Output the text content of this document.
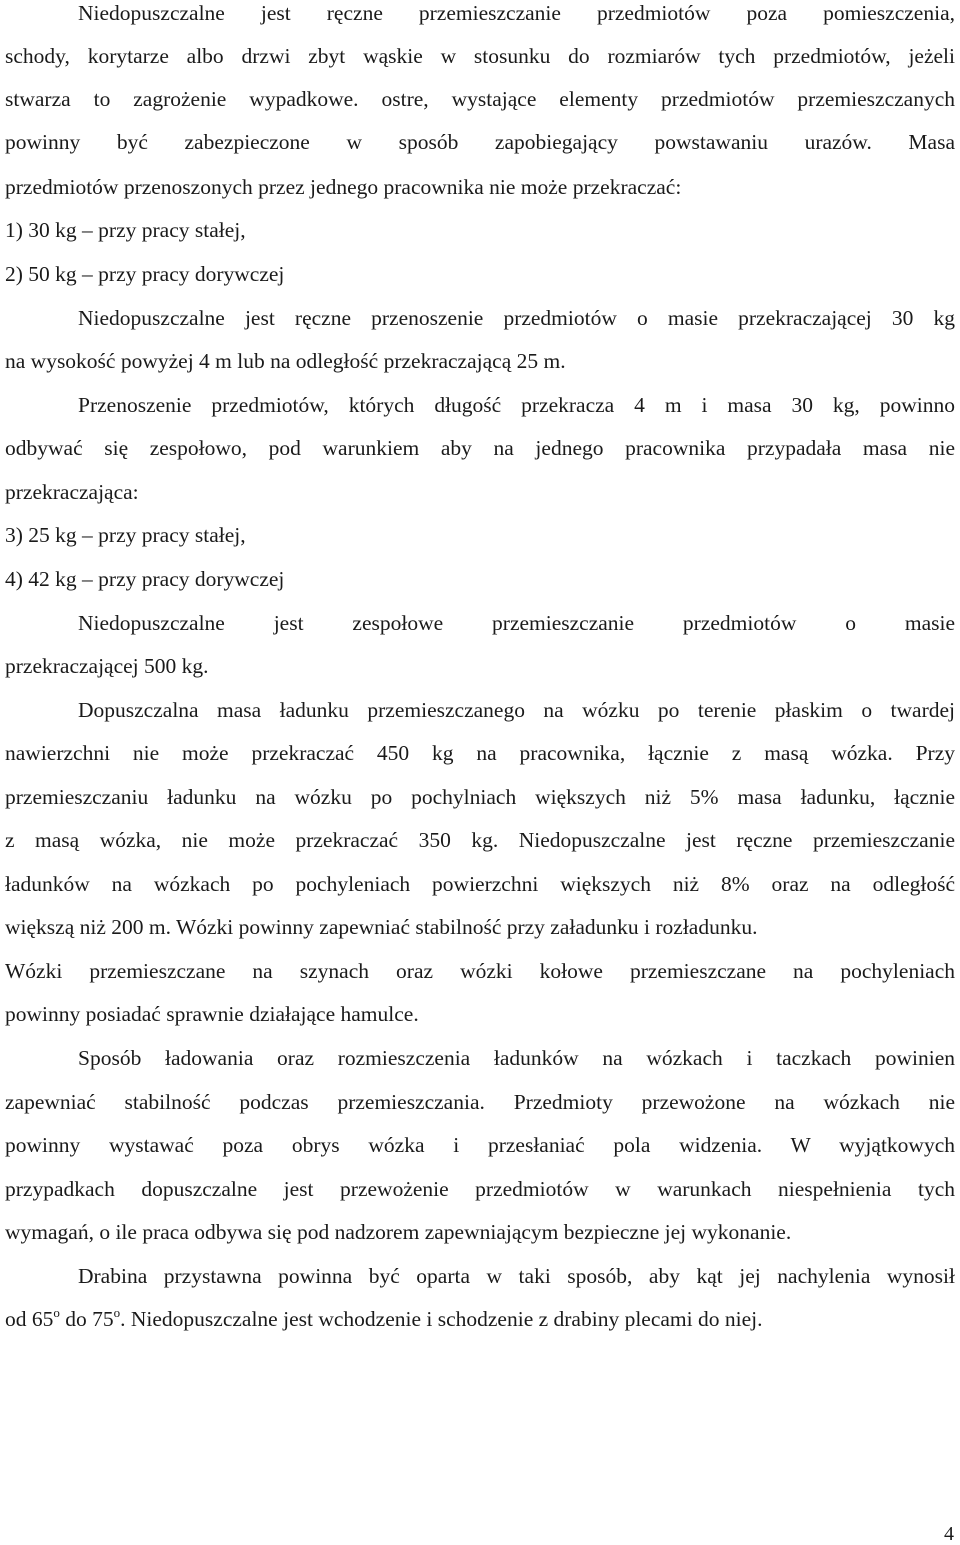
Niedopuszczalne jest ręczne przemieszczanie przedmiotów poza pomieszczenia,
schody, korytarze albo drzwi zbyt wąskie w stosunku do rozmiarów tych przedmiotów, jeżeli
stwarza to zagrożenie wypadkowe. ostre, wystające elementy przedmiotów przemieszczanych
powinny być zabezpieczone w sposób zapobiegający powstawaniu urazów. Masa
przedmiotów przenoszonych przez jednego pracownika nie może przekraczać:
1) 30 kg – przy pracy stałej,
2) 50 kg – przy pracy dorywczej
Niedopuszczalne jest ręczne przenoszenie przedmiotów o masie przekraczającej 30 kg
na wysokość powyżej 4 m lub na odległość przekraczającą 25 m.
Przenoszenie przedmiotów, których długość przekracza 4 m i masa 30 kg, powinno
odbywać się zespołowo, pod warunkiem aby na jednego pracownika przypadała masa nie
przekraczająca:
3) 25 kg – przy pracy stałej,
4) 42 kg – przy pracy dorywczej
Niedopuszczalne jest zespołowe przemieszczanie przedmiotów o masie
przekraczającej 500 kg.
Dopuszczalna masa ładunku przemieszczanego na wózku po terenie płaskim o twardej
nawierzchni nie może przekraczać 450 kg na pracownika, łącznie z masą wózka. Przy
przemieszczaniu ładunku na wózku po pochylniach większych niż 5% masa ładunku, łącznie
z masą wózka, nie może przekraczać 350 kg. Niedopuszczalne jest ręczne przemieszczanie
ładunków na wózkach po pochyleniach powierzchni większych niż 8% oraz na odległość
większą niż 200 m. Wózki powinny zapewniać stabilność przy załadunku i rozładunku.
Wózki przemieszczane na szynach oraz wózki kołowe przemieszczane na pochyleniach
powinny posiadać sprawnie działające hamulce.
Sposób ładowania oraz rozmieszczenia ładunków na wózkach i taczkach powinien
zapewniać stabilność podczas przemieszczania. Przedmioty przewożone na wózkach nie
powinny wystawać poza obrys wózka i przesłaniać pola widzenia. W wyjątkowych
przypadkach dopuszczalne jest przewożenie przedmiotów w warunkach niespełnienia tych
wymagań, o ile praca odbywa się pod nadzorem zapewniającym bezpieczne jej wykonanie.
Drabina przystawna powinna być oparta w taki sposób, aby kąt jej nachylenia wynosił
od 65$^o$ do 75$^o$. Niedopuszczalne jest wchodzenie i schodzenie z drabiny plecami do niej.
4
